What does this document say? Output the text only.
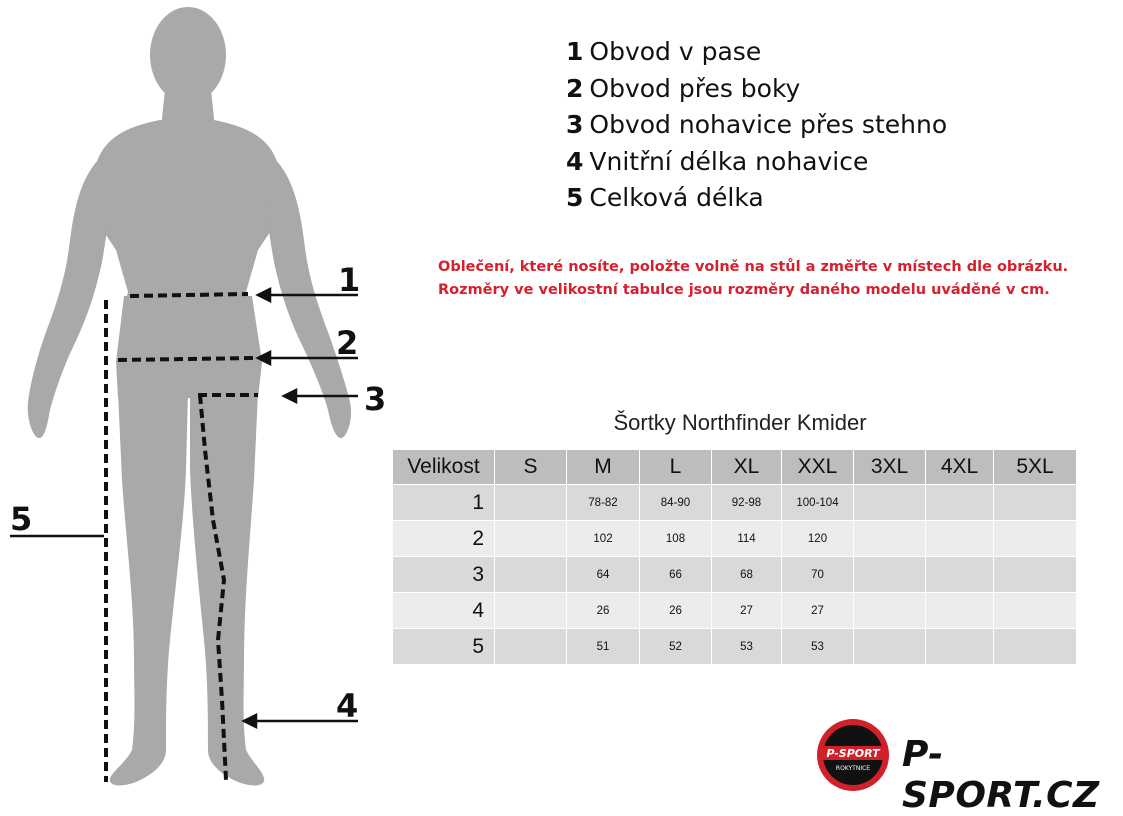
1
2
3
4
5
1 Obvod v pase
2 Obvod přes boky
3 Obvod nohavice přes stehno
4 Vnitřní délka nohavice
5 Celková délka
Oblečení, které nosíte, položte volně na stůl a změřte v místech dle obrázku.
Rozměry ve velikostní tabulce jsou rozměry daného modelu uváděné v cm.
Šortky Northfinder Kmider
Velikost	S	M	L	XL	XXL	3XL	4XL	5XL
1		78-82	84-90	92-98	100-104			
2		102	108	114	120			
3		64	66	68	70			
4		26	26	27	27			
5		51	52	53	53			
P-SPORT
ROKYTNICE P-SPORT.CZ
